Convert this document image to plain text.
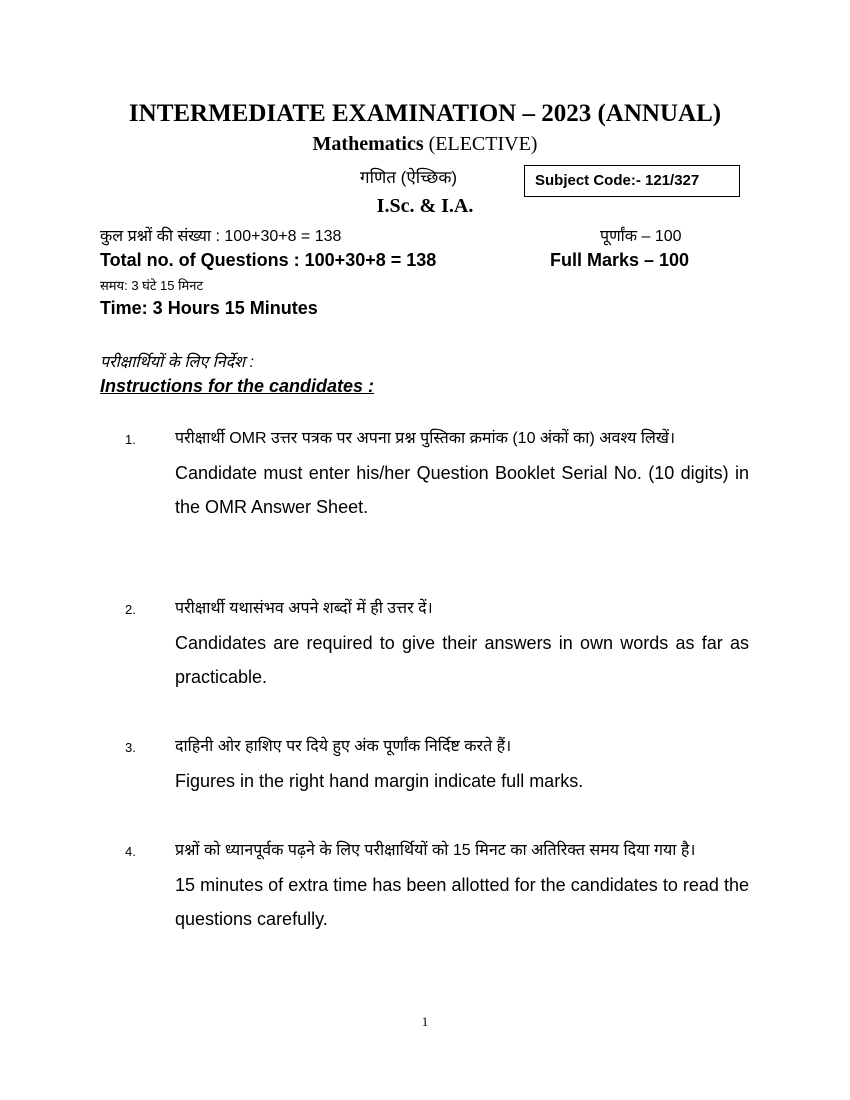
INTERMEDIATE EXAMINATION – 2023 (ANNUAL)
Mathematics (ELECTIVE)
गणित (ऐच्छिक)	Subject Code:- 121/327
I.Sc. & I.A.
कुल प्रश्नों की संख्या : 100+30+8 = 138	पूर्णांक – 100
Total no. of Questions : 100+30+8 = 138	Full Marks – 100
समय: 3 घंटे 15 मिनट
Time: 3 Hours 15 Minutes
परीक्षार्थियों के लिए निर्देश :
Instructions for the candidates :
1. परीक्षार्थी OMR उत्तर पत्रक पर अपना प्रश्न पुस्तिका क्रमांक (10 अंकों का) अवश्य लिखें।
Candidate must enter his/her Question Booklet Serial No. (10 digits) in the OMR Answer Sheet.
2. परीक्षार्थी यथासंभव अपने शब्दों में ही उत्तर दें।
Candidates are required to give their answers in own words as far as practicable.
3. दाहिनी ओर हाशिए पर दिये हुए अंक पूर्णांक निर्दिष्ट करते हैं।
Figures in the right hand margin indicate full marks.
4. प्रश्नों को ध्यानपूर्वक पढ़ने के लिए परीक्षार्थियों को 15 मिनट का अतिरिक्त समय दिया गया है।
15 minutes of extra time has been allotted for the candidates to read the questions carefully.
1
